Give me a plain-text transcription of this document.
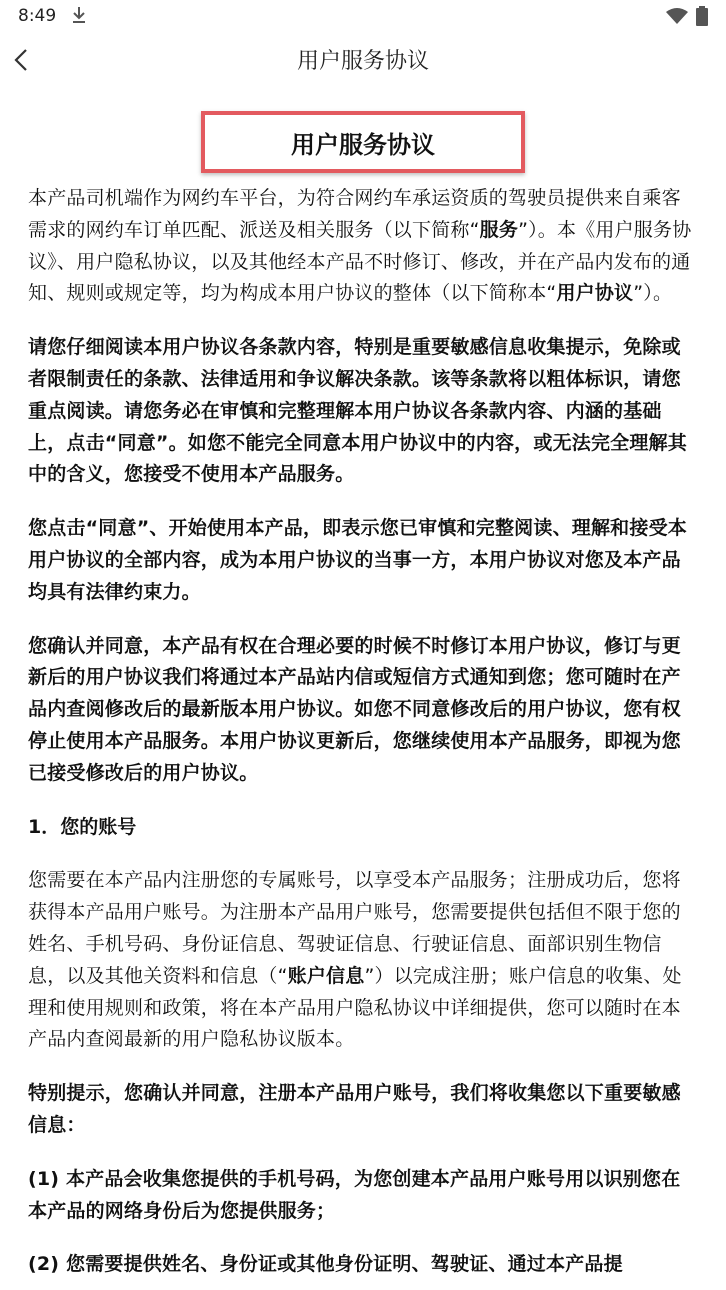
8:49
用户服务协议
用户服务协议

本产品司机端作为网约车平台，为符合网约车承运资质的驾驶员提供来自乘客需求的网约车订单匹配、派送及相关服务（以下简称“服务”）。本《用户服务协议》、用户隐私协议，以及其他经本产品不时修订、修改，并在产品内发布的通知、规则或规定等，均为构成本用户协议的整体（以下简称本“用户协议”）。

请您仔细阅读本用户协议各条款内容，特别是重要敏感信息收集提示，免除或者限制责任的条款、法律适用和争议解决条款。该等条款将以粗体标识，请您重点阅读。请您务必在审慎和完整理解本用户协议各条款内容、内涵的基础上，点击“同意”。如您不能完全同意本用户协议中的内容，或无法完全理解其中的含义，您接受不使用本产品服务。

您点击“同意”、开始使用本产品，即表示您已审慎和完整阅读、理解和接受本用户协议的全部内容，成为本用户协议的当事一方，本用户协议对您及本产品均具有法律约束力。

您确认并同意，本产品有权在合理必要的时候不时修订本用户协议，修订与更新后的用户协议我们将通过本产品站内信或短信方式通知到您；您可随时在产品内查阅修改后的最新版本用户协议。如您不同意修改后的用户协议，您有权停止使用本产品服务。本用户协议更新后，您继续使用本产品服务，即视为您已接受修改后的用户协议。

1．您的账号

您需要在本产品内注册您的专属账号，以享受本产品服务；注册成功后，您将获得本产品用户账号。为注册本产品用户账号，您需要提供包括但不限于您的姓名、手机号码、身份证信息、驾驶证信息、行驶证信息、面部识别生物信息，以及其他关资料和信息（“账户信息”）以完成注册；账户信息的收集、处理和使用规则和政策，将在本产品用户隐私协议中详细提供，您可以随时在本产品内查阅最新的用户隐私协议版本。

特别提示，您确认并同意，注册本产品用户账号，我们将收集您以下重要敏感信息：

(1) 本产品会收集您提供的手机号码，为您创建本产品用户账号用以识别您在本产品的网络身份后为您提供服务；

(2) 您需要提供姓名、身份证或其他身份证明、驾驶证、通过本产品提
